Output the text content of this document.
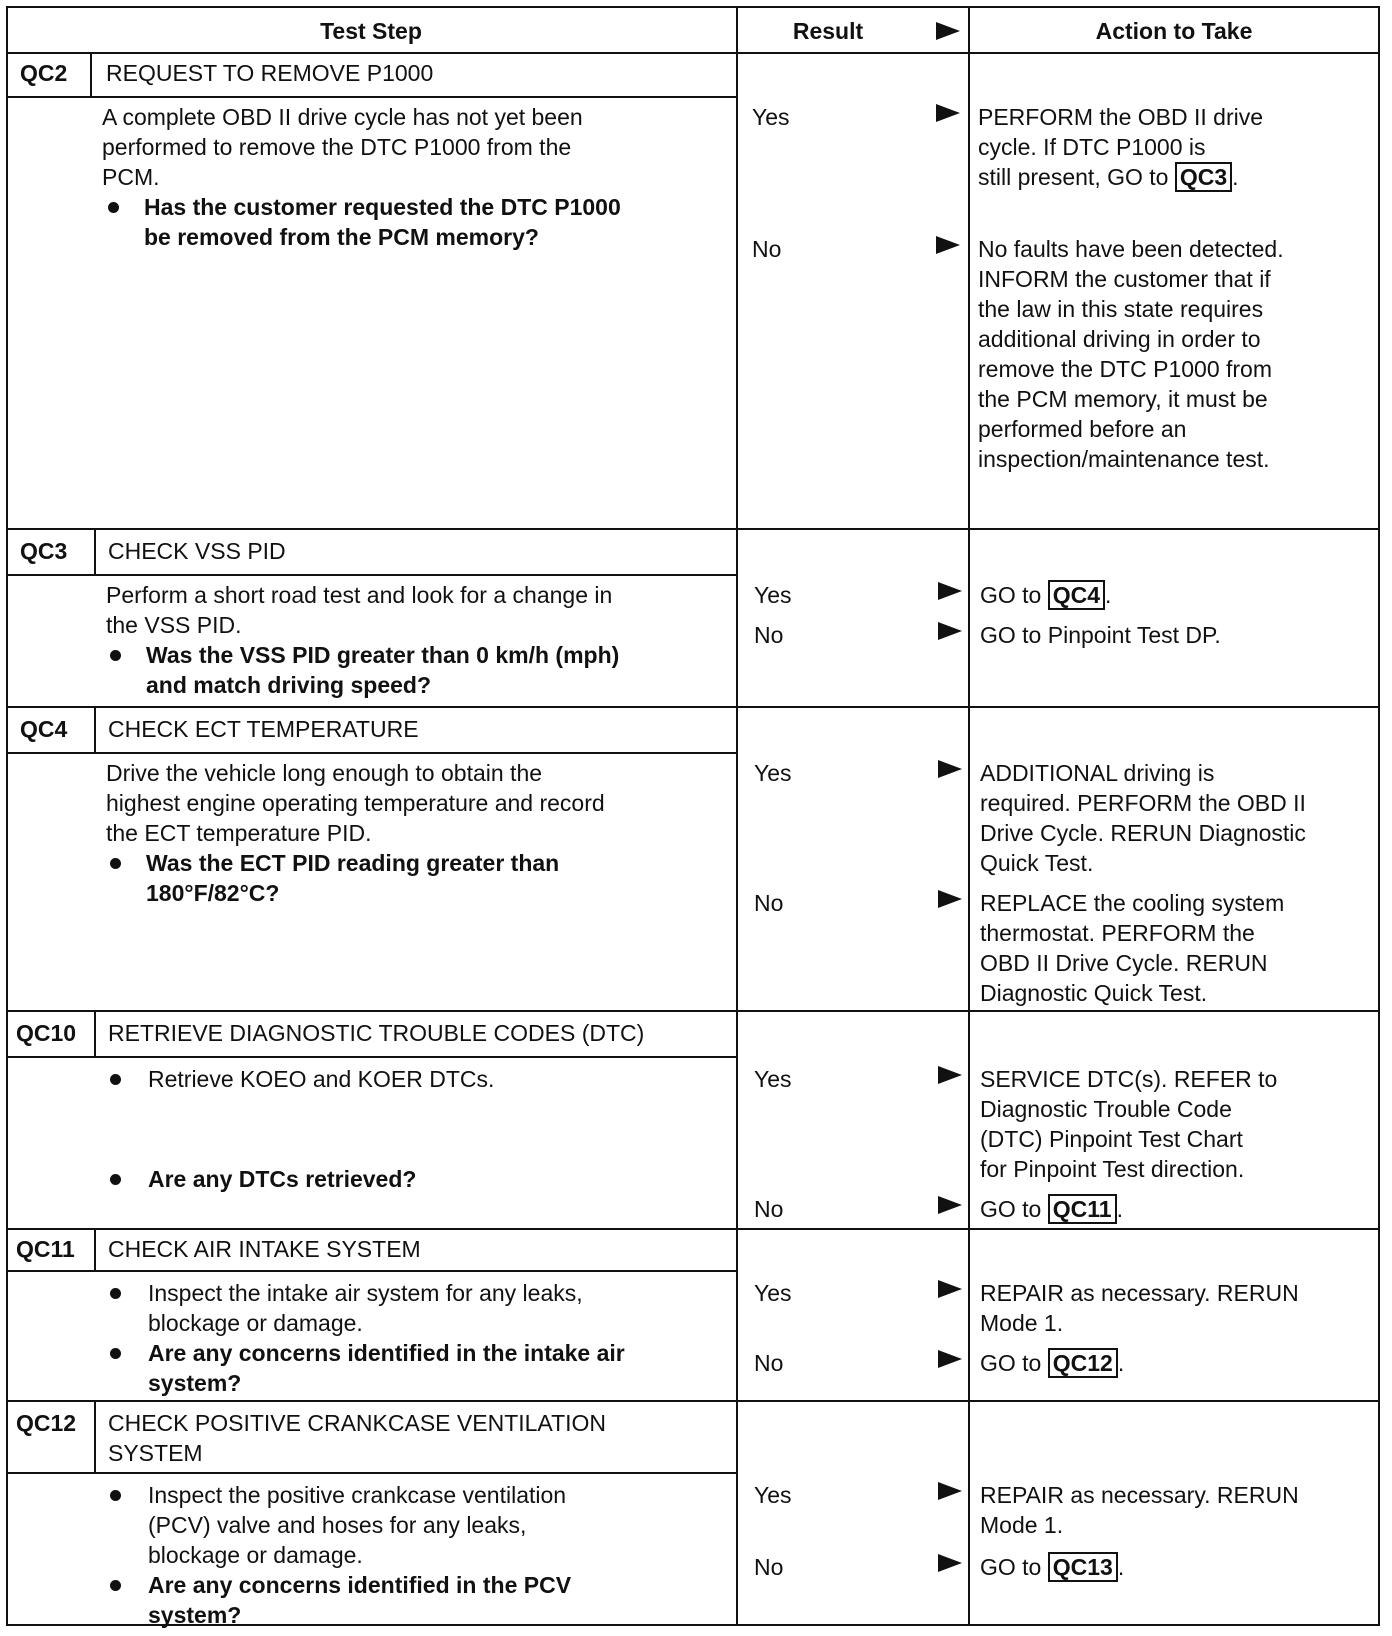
Test Step	Result	Action to Take
QC2 REQUEST TO REMOVE P1000
A complete OBD II drive cycle has not yet been
performed to remove the DTC P1000 from the
PCM.
Has the customer requested the DTC P1000
be removed from the PCM memory?
Yes	PERFORM the OBD II drive
cycle. If DTC P1000 is
still present, GO to QC3 .
No	No faults have been detected.
INFORM the customer that if
the law in this state requires
additional driving in order to
remove the DTC P1000 from
the PCM memory, it must be
performed before an
inspection/maintenance test.
QC3 CHECK VSS PID
Perform a short road test and look for a change in
the VSS PID.
Was the VSS PID greater than 0 km/h (mph)
and match driving speed?
Yes	GO to QC4 .
No	GO to Pinpoint Test DP.
QC4 CHECK ECT TEMPERATURE
Drive the vehicle long enough to obtain the
highest engine operating temperature and record
the ECT temperature PID.
Was the ECT PID reading greater than
180°F/82°C?
Yes	ADDITIONAL driving is
required. PERFORM the OBD II
Drive Cycle. RERUN Diagnostic
Quick Test.
No	REPLACE the cooling system
thermostat. PERFORM the
OBD II Drive Cycle. RERUN
Diagnostic Quick Test.
QC10 RETRIEVE DIAGNOSTIC TROUBLE CODES (DTC)
Retrieve KOEO and KOER DTCs.
Are any DTCs retrieved?
Yes	SERVICE DTC(s). REFER to
Diagnostic Trouble Code
(DTC) Pinpoint Test Chart
for Pinpoint Test direction.
No	GO to QC11 .
QC11 CHECK AIR INTAKE SYSTEM
Inspect the intake air system for any leaks,
blockage or damage.
Are any concerns identified in the intake air
system?
Yes	REPAIR as necessary. RERUN
Mode 1.
No	GO to QC12 .
QC12 CHECK POSITIVE CRANKCASE VENTILATION
SYSTEM
Inspect the positive crankcase ventilation
(PCV) valve and hoses for any leaks,
blockage or damage.
Are any concerns identified in the PCV
system?
Yes	REPAIR as necessary. RERUN
Mode 1.
No	GO to QC13 .
